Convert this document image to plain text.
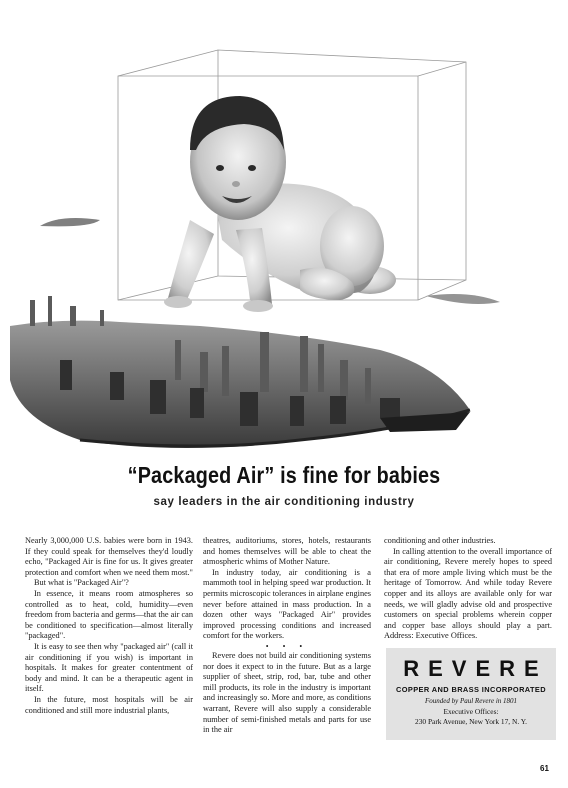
“Packaged Air” is fine for babies
say leaders in the air conditioning industry

Nearly 3,000,000 U.S. babies were born in 1943. If they could speak for themselves they'd loudly echo, "Packaged Air is fine for us. It gives greater protection and comfort when we need them most."

But what is "Packaged Air"?

In essence, it means room atmospheres so controlled as to heat, cold, humidity—even freedom from bacteria and germs—that the air can be conditioned to specification—almost literally "packaged".

It is easy to see then why "packaged air" (call it air conditioning if you wish) is important in hospitals. It makes for greater contentment of body and mind. It can be a therapeutic agent in itself.

In the future, most hospitals will be air conditioned and still more industrial plants,

theatres, auditoriums, stores, hotels, restaurants and homes themselves will be able to cheat the atmospheric whims of Mother Nature.

In industry today, air conditioning is a mammoth tool in helping speed war production. It permits microscopic tolerances in airplane engines never before attained in mass production. In a dozen other ways "Packaged Air" provides improved processing conditions and increased comfort for the workers.

• • •

Revere does not build air conditioning systems nor does it expect to in the future. But as a large supplier of sheet, strip, rod, bar, tube and other mill products, its role in the industry is important and increasingly so. More and more, as conditions warrant, Revere will also supply a considerable number of semi-finished metals and parts for use in the air

conditioning and other industries.

In calling attention to the overall importance of air conditioning, Revere merely hopes to speed that era of more ample living which must be the heritage of Tomorrow. And while today Revere copper and its alloys are available only for war needs, we will gladly advise old and prospective customers on special problems wherein copper and copper base alloys should play a part. Address: Executive Offices.

REVERE
COPPER AND BRASS INCORPORATED
Founded by Paul Revere in 1801
Executive Offices:
230 Park Avenue, New York 17, N. Y.
61
